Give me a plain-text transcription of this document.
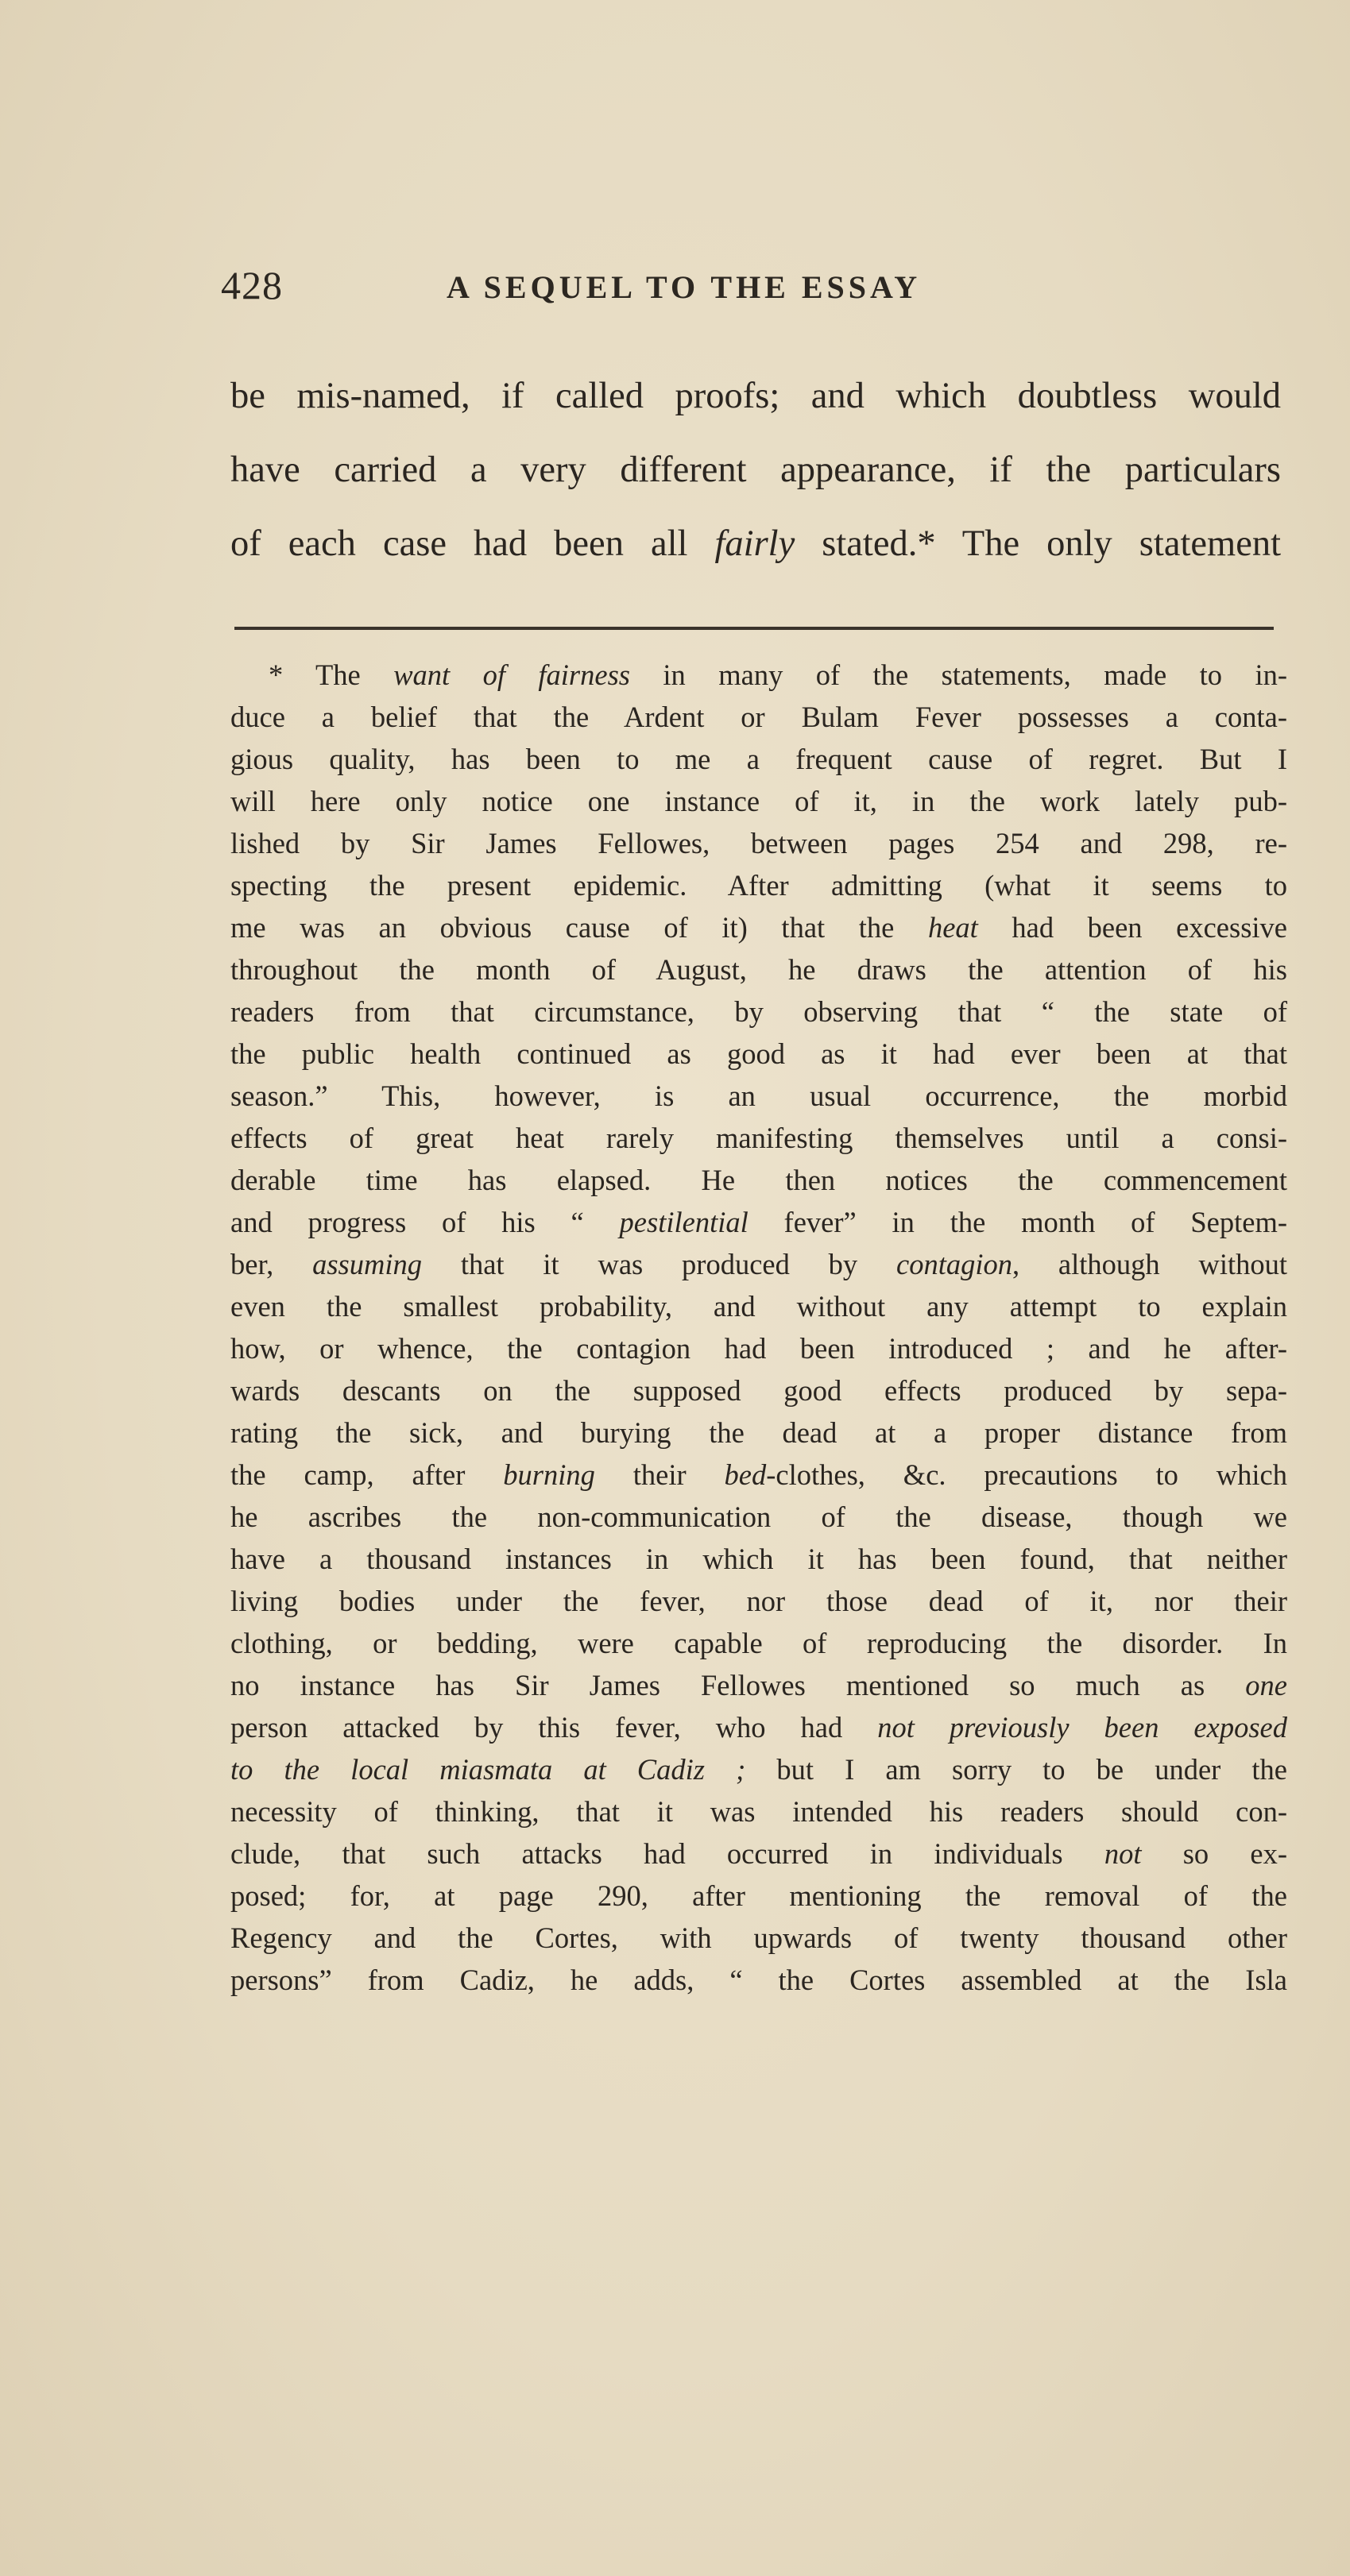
428	A SEQUEL TO THE ESSAY
be mis-named, if called proofs; and which doubtless would
have carried a very different appearance, if the particulars
of each case had been all fairly stated.* The only statement
* The want of fairness in many of the statements, made to in-
duce a belief that the Ardent or Bulam Fever possesses a conta-
gious quality, has been to me a frequent cause of regret. But I
will here only notice one instance of it, in the work lately pub-
lished by Sir James Fellowes, between pages 254 and 298, re-
specting the present epidemic. After admitting (what it seems to
me was an obvious cause of it) that the heat had been excessive
throughout the month of August, he draws the attention of his
readers from that circumstance, by observing that “ the state of
the public health continued as good as it had ever been at that
season.” This, however, is an usual occurrence, the morbid
effects of great heat rarely manifesting themselves until a consi-
derable time has elapsed. He then notices the commencement
and progress of his “ pestilential fever” in the month of Septem-
ber, assuming that it was produced by contagion, although without
even the smallest probability, and without any attempt to explain
how, or whence, the contagion had been introduced ; and he after-
wards descants on the supposed good effects produced by sepa-
rating the sick, and burying the dead at a proper distance from
the camp, after burning their bed-clothes, &c. precautions to which
he ascribes the non-communication of the disease, though we
have a thousand instances in which it has been found, that neither
living bodies under the fever, nor those dead of it, nor their
clothing, or bedding, were capable of reproducing the disorder. In
no instance has Sir James Fellowes mentioned so much as one
person attacked by this fever, who had not previously been exposed
to the local miasmata at Cadiz ; but I am sorry to be under the
necessity of thinking, that it was intended his readers should con-
clude, that such attacks had occurred in individuals not so ex-
posed; for, at page 290, after mentioning the removal of the
Regency and the Cortes, with upwards of twenty thousand other
persons” from Cadiz, he adds, “ the Cortes assembled at the Isla
